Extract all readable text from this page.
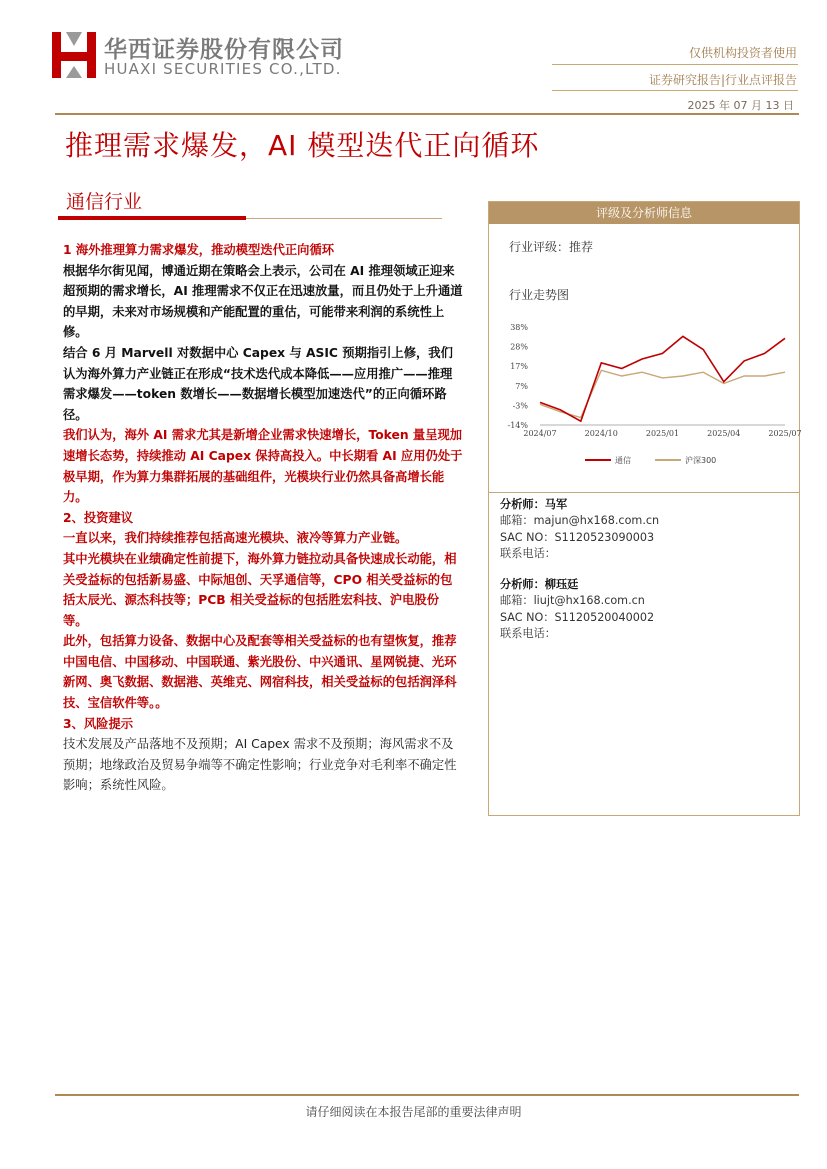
华西证券股份有限公司
HUAXI SECURITIES CO.,LTD.
仅供机构投资者使用
证券研究报告|行业点评报告
2025 年 07 月 13 日
推理需求爆发，AI 模型迭代正向循环
通信行业

1 海外推理算力需求爆发，推动模型迭代正向循环

根据华尔街见闻，博通近期在策略会上表示，公司在 AI 推理领域正迎来超预期的需求增长，AI 推理需求不仅正在迅速放量，而且仍处于上升通道的早期，未来对市场规模和产能配置的重估，可能带来利润的系统性上修。

结合 6 月 Marvell 对数据中心 Capex 与 ASIC 预期指引上修，我们认为海外算力产业链正在形成“技术迭代成本降低——应用推广——推理需求爆发——token 数增长——数据增长模型加速迭代”的正向循环路径。

我们认为，海外 AI 需求尤其是新增企业需求快速增长，Token 量呈现加速增长态势，持续推动 AI Capex 保持高投入。中长期看 AI 应用仍处于极早期，作为算力集群拓展的基础组件，光模块行业仍然具备高增长能力。

2、投资建议

一直以来，我们持续推荐包括高速光模块、液冷等算力产业链。

其中光模块在业绩确定性前提下，海外算力链拉动具备快速成长动能，相关受益标的包括新易盛、中际旭创、天孚通信等，CPO 相关受益标的包括太辰光、源杰科技等；PCB 相关受益标的包括胜宏科技、沪电股份等。

此外，包括算力设备、数据中心及配套等相关受益标的也有望恢复，推荐中国电信、中国移动、中国联通、紫光股份、中兴通讯、星网锐捷、光环新网、奥飞数据、数据港、英维克、网宿科技，相关受益标的包括润泽科技、宝信软件等。。

3、风险提示

技术发展及产品落地不及预期；AI Capex 需求不及预期；海风需求不及预期；地缘政治及贸易争端等不确定性影响；行业竞争对毛利率不确定性影响；系统性风险。

评级及分析师信息
行业评级：推荐
行业走势图
38%
28%
17%
7%
-3%
-14%
2024/07	2024/10	2025/01	2025/04	2025/07
通信	沪深300
分析师：马军
邮箱：majun@hx168.com.cn
SAC NO：S1120523090003
联系电话：
分析师：柳珏廷
邮箱：liujt@hx168.com.cn
SAC NO：S1120520040002
联系电话：
请仔细阅读在本报告尾部的重要法律声明
